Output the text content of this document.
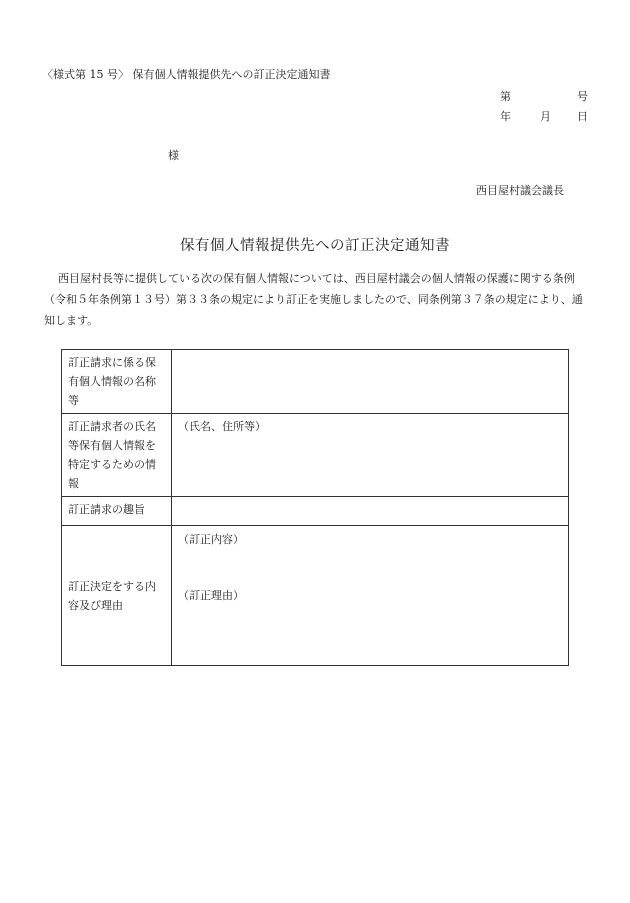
〈様式第 15 号〉 保有個人情報提供先への訂正決定通知書
第	号
年	月 日
様
西目屋村議会議長
保有個人情報提供先への訂正決定通知書
西目屋村長等に提供している次の保有個人情報については、西目屋村議会の個人情報の保護に関する条例（令和５年条例第１３号）第３３条の規定により訂正を実施しましたので、同条例第３７条の規定により、通知します。
訂正請求に係る保有個人情報の名称等	
訂正請求者の氏名等保有個人情報を特定するための情報	（氏名、住所等）
訂正請求の趣旨	
訂正決定をする内容及び理由	（訂正内容）
（訂正理由）
